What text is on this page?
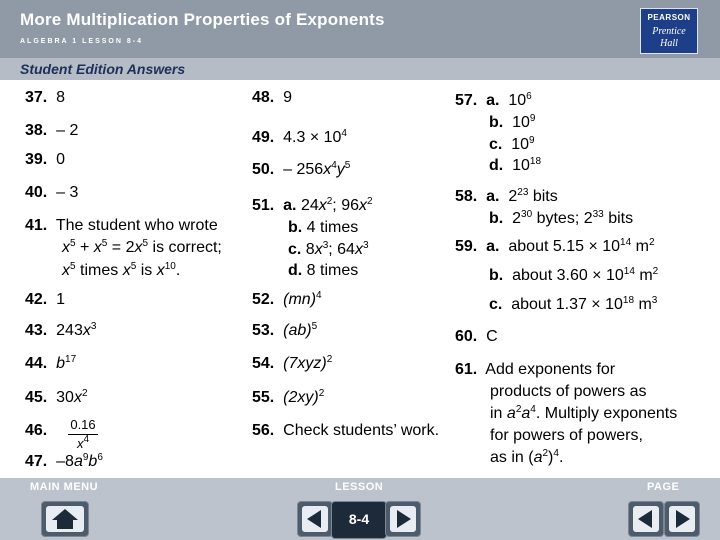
More Multiplication Properties of Exponents
ALGEBRA 1 LESSON 8-4
PEARSON
Prentice
Hall
Student Edition Answers
37. 8
38. – 2
39. 0
40. – 3
41. The student who wrote
$x^5 + x^5 = 2x^5$ is correct;
$x^5$ times $x^5$ is $x^{10}$.
42. 1
43. $243x^3$
44. $b^{17}$
45. $30x^2$
46.	0.16
$x^4$
47. $-8a^9b^6$
48. 9
49. $4.3 \times 10^4$
50. – $256x^4y^5$
51. a. $24x^2$; $96x^2$
b. 4 times
c. $8x^3$; $64x^3$
d. 8 times
52. (mn)$^4$
53. (ab)$^5$
54. $(7xyz)^2$
55. $(2xy)^2$
56. Check students’ work.
57. a. $10^6$
b. $10^9$
c. $10^9$
d. $10^{18}$
58. a. $2^{23}$ bits
b. $2^{30}$ bytes; $2^{33}$ bits
59. a. about $5.15 \times 10^{14}$ $m^2$
b. about $3.60 \times 10^{14}$ $m^2$
c. about $1.37 \times 10^{18}$ $m^3$
60. C
61. Add exponents for
products of powers as
in $a^2a^4$. Multiply exponents
for powers of powers,
as in $(a^2)^4$.
MAIN MENU	LESSON	PAGE
8-4
